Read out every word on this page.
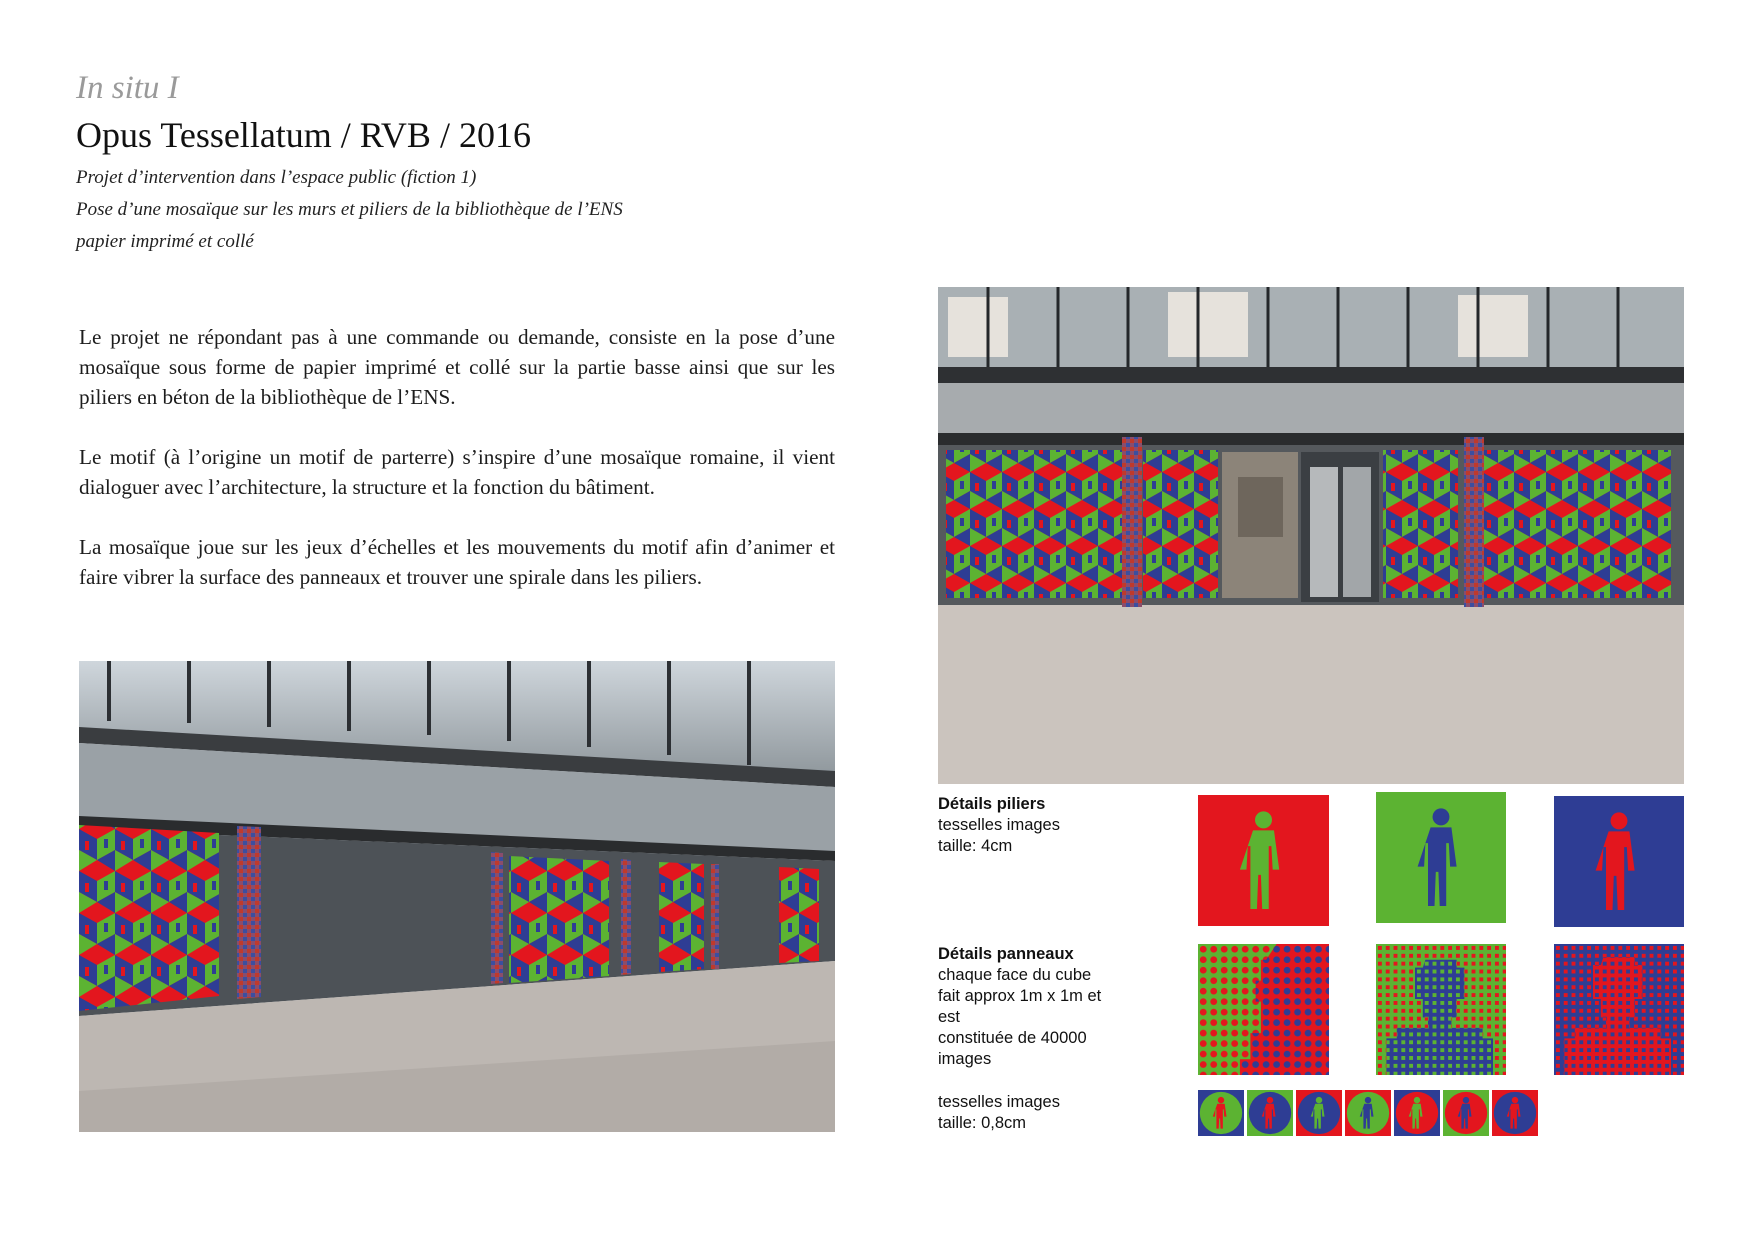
In situ I
Opus Tessellatum / RVB / 2016
Projet d’intervention dans l’espace public (fiction 1)
Pose d’une mosaïque sur les murs et piliers de la bibliothèque de l’ENS
papier imprimé et collé

Le projet ne répondant pas à une commande ou demande, consiste en la pose d’une mosaïque sous forme de papier imprimé et collé sur la partie basse ainsi que sur les piliers en béton de la bibliothèque de l’ENS.

Le motif (à l’origine un motif de parterre) s’inspire d’une mosaïque romaine, il vient dialoguer avec l’architecture, la structure et la fonction du bâtiment.

La mosaïque joue sur les jeux d’échelles et les mouvements du motif afin d’animer et faire vibrer la surface des panneaux et trouver une spirale dans les piliers.

Détails piliers
tesselles images
taille: 4cm
Détails panneaux
chaque face du cube
fait approx 1m x 1m et
est
constituée de 40000
images
tesselles images
taille: 0,8cm
